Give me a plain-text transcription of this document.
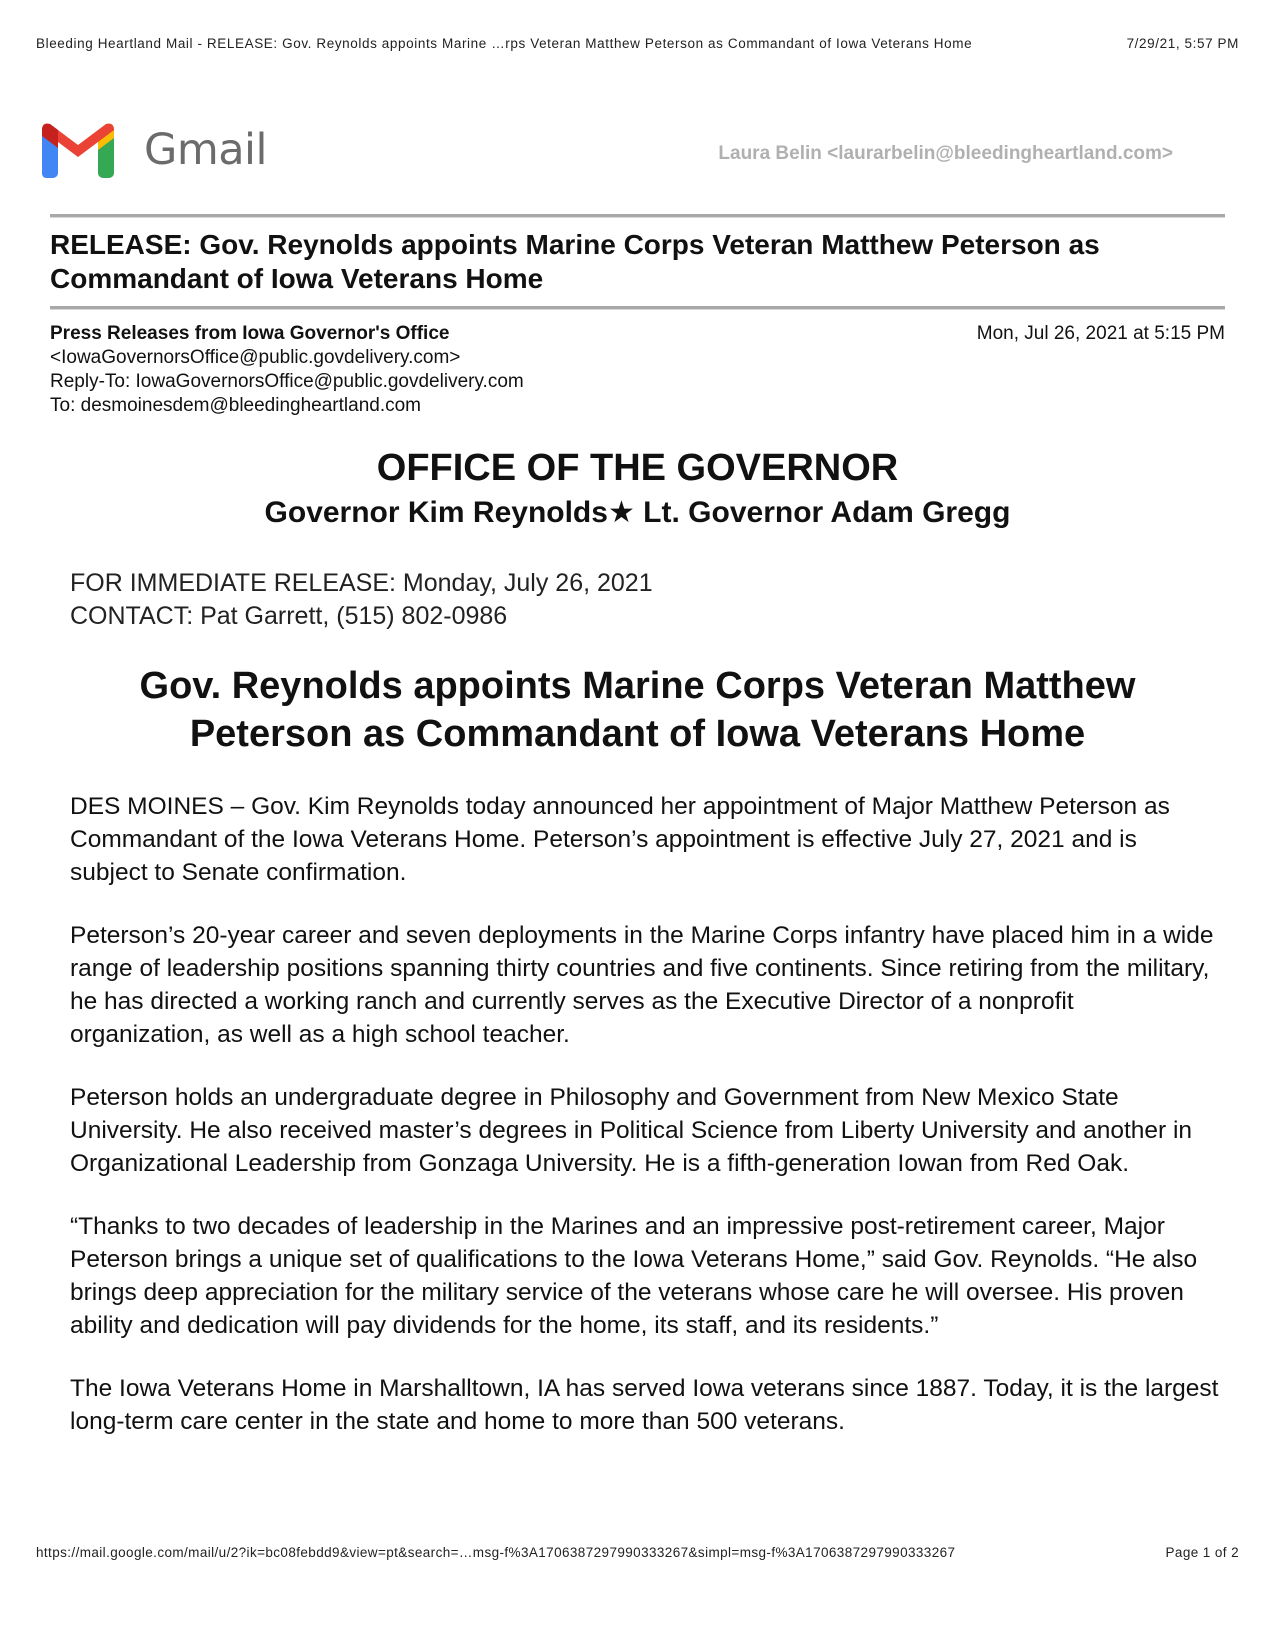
Bleeding Heartland Mail - RELEASE: Gov. Reynolds appoints Marine …rps Veteran Matthew Peterson as Commandant of Iowa Veterans Home	7/29/21, 5:57 PM
Gmail	Laura Belin <laurarbelin@bleedingheartland.com>
RELEASE: Gov. Reynolds appoints Marine Corps Veteran Matthew Peterson as Commandant of Iowa Veterans Home
Press Releases from Iowa Governor's Office
<IowaGovernorsOffice@public.govdelivery.com>
Reply-To: IowaGovernorsOffice@public.govdelivery.com
To: desmoinesdem@bleedingheartland.com
Mon, Jul 26, 2021 at 5:15 PM
OFFICE OF THE GOVERNOR

Governor Kim Reynolds★ Lt. Governor Adam Gregg

FOR IMMEDIATE RELEASE: Monday, July 26, 2021
CONTACT: Pat Garrett, (515) 802-0986
Gov. Reynolds appoints Marine Corps Veteran Matthew Peterson as Commandant of Iowa Veterans Home

DES MOINES – Gov. Kim Reynolds today announced her appointment of Major Matthew Peterson as Commandant of the Iowa Veterans Home. Peterson’s appointment is effective July 27, 2021 and is subject to Senate confirmation.

Peterson’s 20-year career and seven deployments in the Marine Corps infantry have placed him in a wide range of leadership positions spanning thirty countries and five continents. Since retiring from the military, he has directed a working ranch and currently serves as the Executive Director of a nonprofit organization, as well as a high school teacher.

Peterson holds an undergraduate degree in Philosophy and Government from New Mexico State University. He also received master’s degrees in Political Science from Liberty University and another in Organizational Leadership from Gonzaga University. He is a fifth-generation Iowan from Red Oak.

“Thanks to two decades of leadership in the Marines and an impressive post-retirement career, Major Peterson brings a unique set of qualifications to the Iowa Veterans Home,” said Gov. Reynolds. “He also brings deep appreciation for the military service of the veterans whose care he will oversee. His proven ability and dedication will pay dividends for the home, its staff, and its residents.”

The Iowa Veterans Home in Marshalltown, IA has served Iowa veterans since 1887. Today, it is the largest long-term care center in the state and home to more than 500 veterans.

https://mail.google.com/mail/u/2?ik=bc08febdd9&view=pt&search=…msg-f%3A1706387297990333267&simpl=msg-f%3A1706387297990333267	Page 1 of 2
